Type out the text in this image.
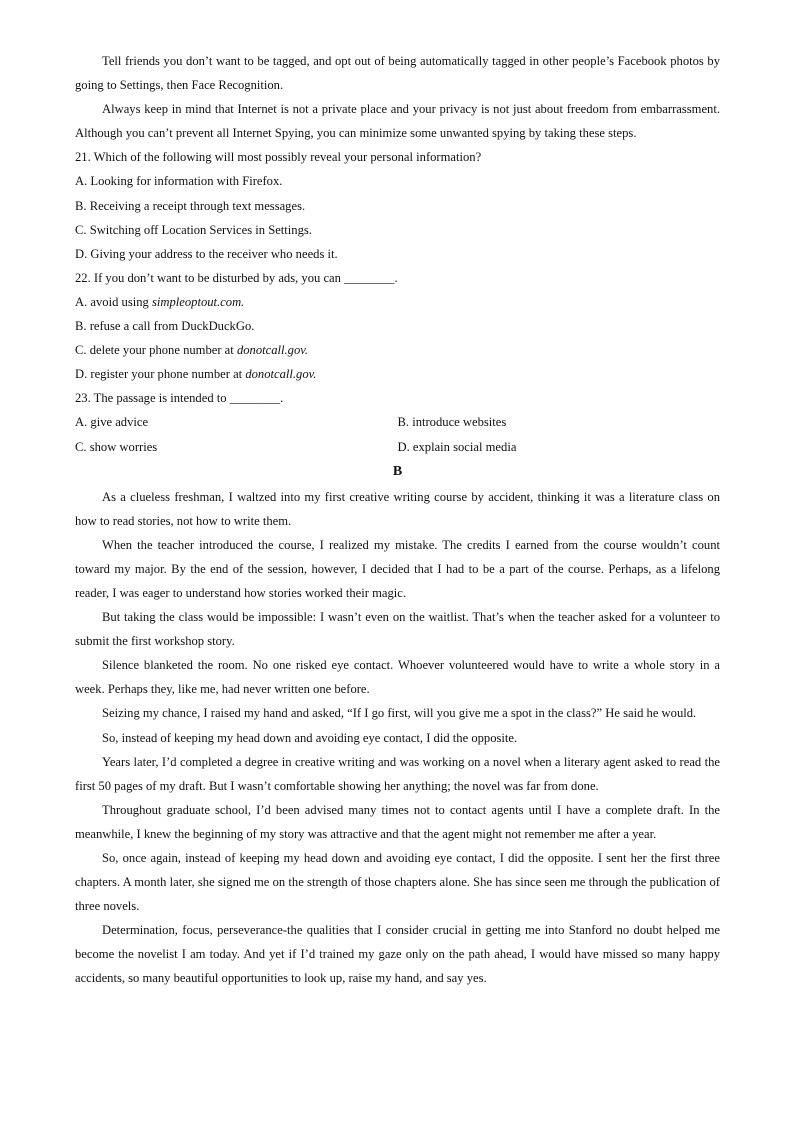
Tell friends you don’t want to be tagged, and opt out of being automatically tagged in other people’s Facebook photos by going to Settings, then Face Recognition.

Always keep in mind that Internet is not a private place and your privacy is not just about freedom from embarrassment. Although you can’t prevent all Internet Spying, you can minimize some unwanted spying by taking these steps.

21. Which of the following will most possibly reveal your personal information?

A. Looking for information with Firefox.

B. Receiving a receipt through text messages.

C. Switching off Location Services in Settings.

D. Giving your address to the receiver who needs it.

22. If you don’t want to be disturbed by ads, you can ________.

A. avoid using simpleoptout.com.

B. refuse a call from DuckDuckGo.

C. delete your phone number at donotcall.gov.

D. register your phone number at donotcall.gov.

23. The passage is intended to ________.

A. give advice	B. introduce websites
C. show worries	D. explain social media

B

As a clueless freshman, I waltzed into my first creative writing course by accident, thinking it was a literature class on how to read stories, not how to write them.

When the teacher introduced the course, I realized my mistake. The credits I earned from the course wouldn’t count toward my major. By the end of the session, however, I decided that I had to be a part of the course. Perhaps, as a lifelong reader, I was eager to understand how stories worked their magic.

But taking the class would be impossible: I wasn’t even on the waitlist. That’s when the teacher asked for a volunteer to submit the first workshop story.

Silence blanketed the room. No one risked eye contact. Whoever volunteered would have to write a whole story in a week. Perhaps they, like me, had never written one before.

Seizing my chance, I raised my hand and asked, “If I go first, will you give me a spot in the class?” He said he would.

So, instead of keeping my head down and avoiding eye contact, I did the opposite.

Years later, I’d completed a degree in creative writing and was working on a novel when a literary agent asked to read the first 50 pages of my draft. But I wasn’t comfortable showing her anything; the novel was far from done.

Throughout graduate school, I’d been advised many times not to contact agents until I have a complete draft. In the meanwhile, I knew the beginning of my story was attractive and that the agent might not remember me after a year.

So, once again, instead of keeping my head down and avoiding eye contact, I did the opposite. I sent her the first three chapters. A month later, she signed me on the strength of those chapters alone. She has since seen me through the publication of three novels.

Determination, focus, perseverance-the qualities that I consider crucial in getting me into Stanford no doubt helped me become the novelist I am today. And yet if I’d trained my gaze only on the path ahead, I would have missed so many happy accidents, so many beautiful opportunities to look up, raise my hand, and say yes.
